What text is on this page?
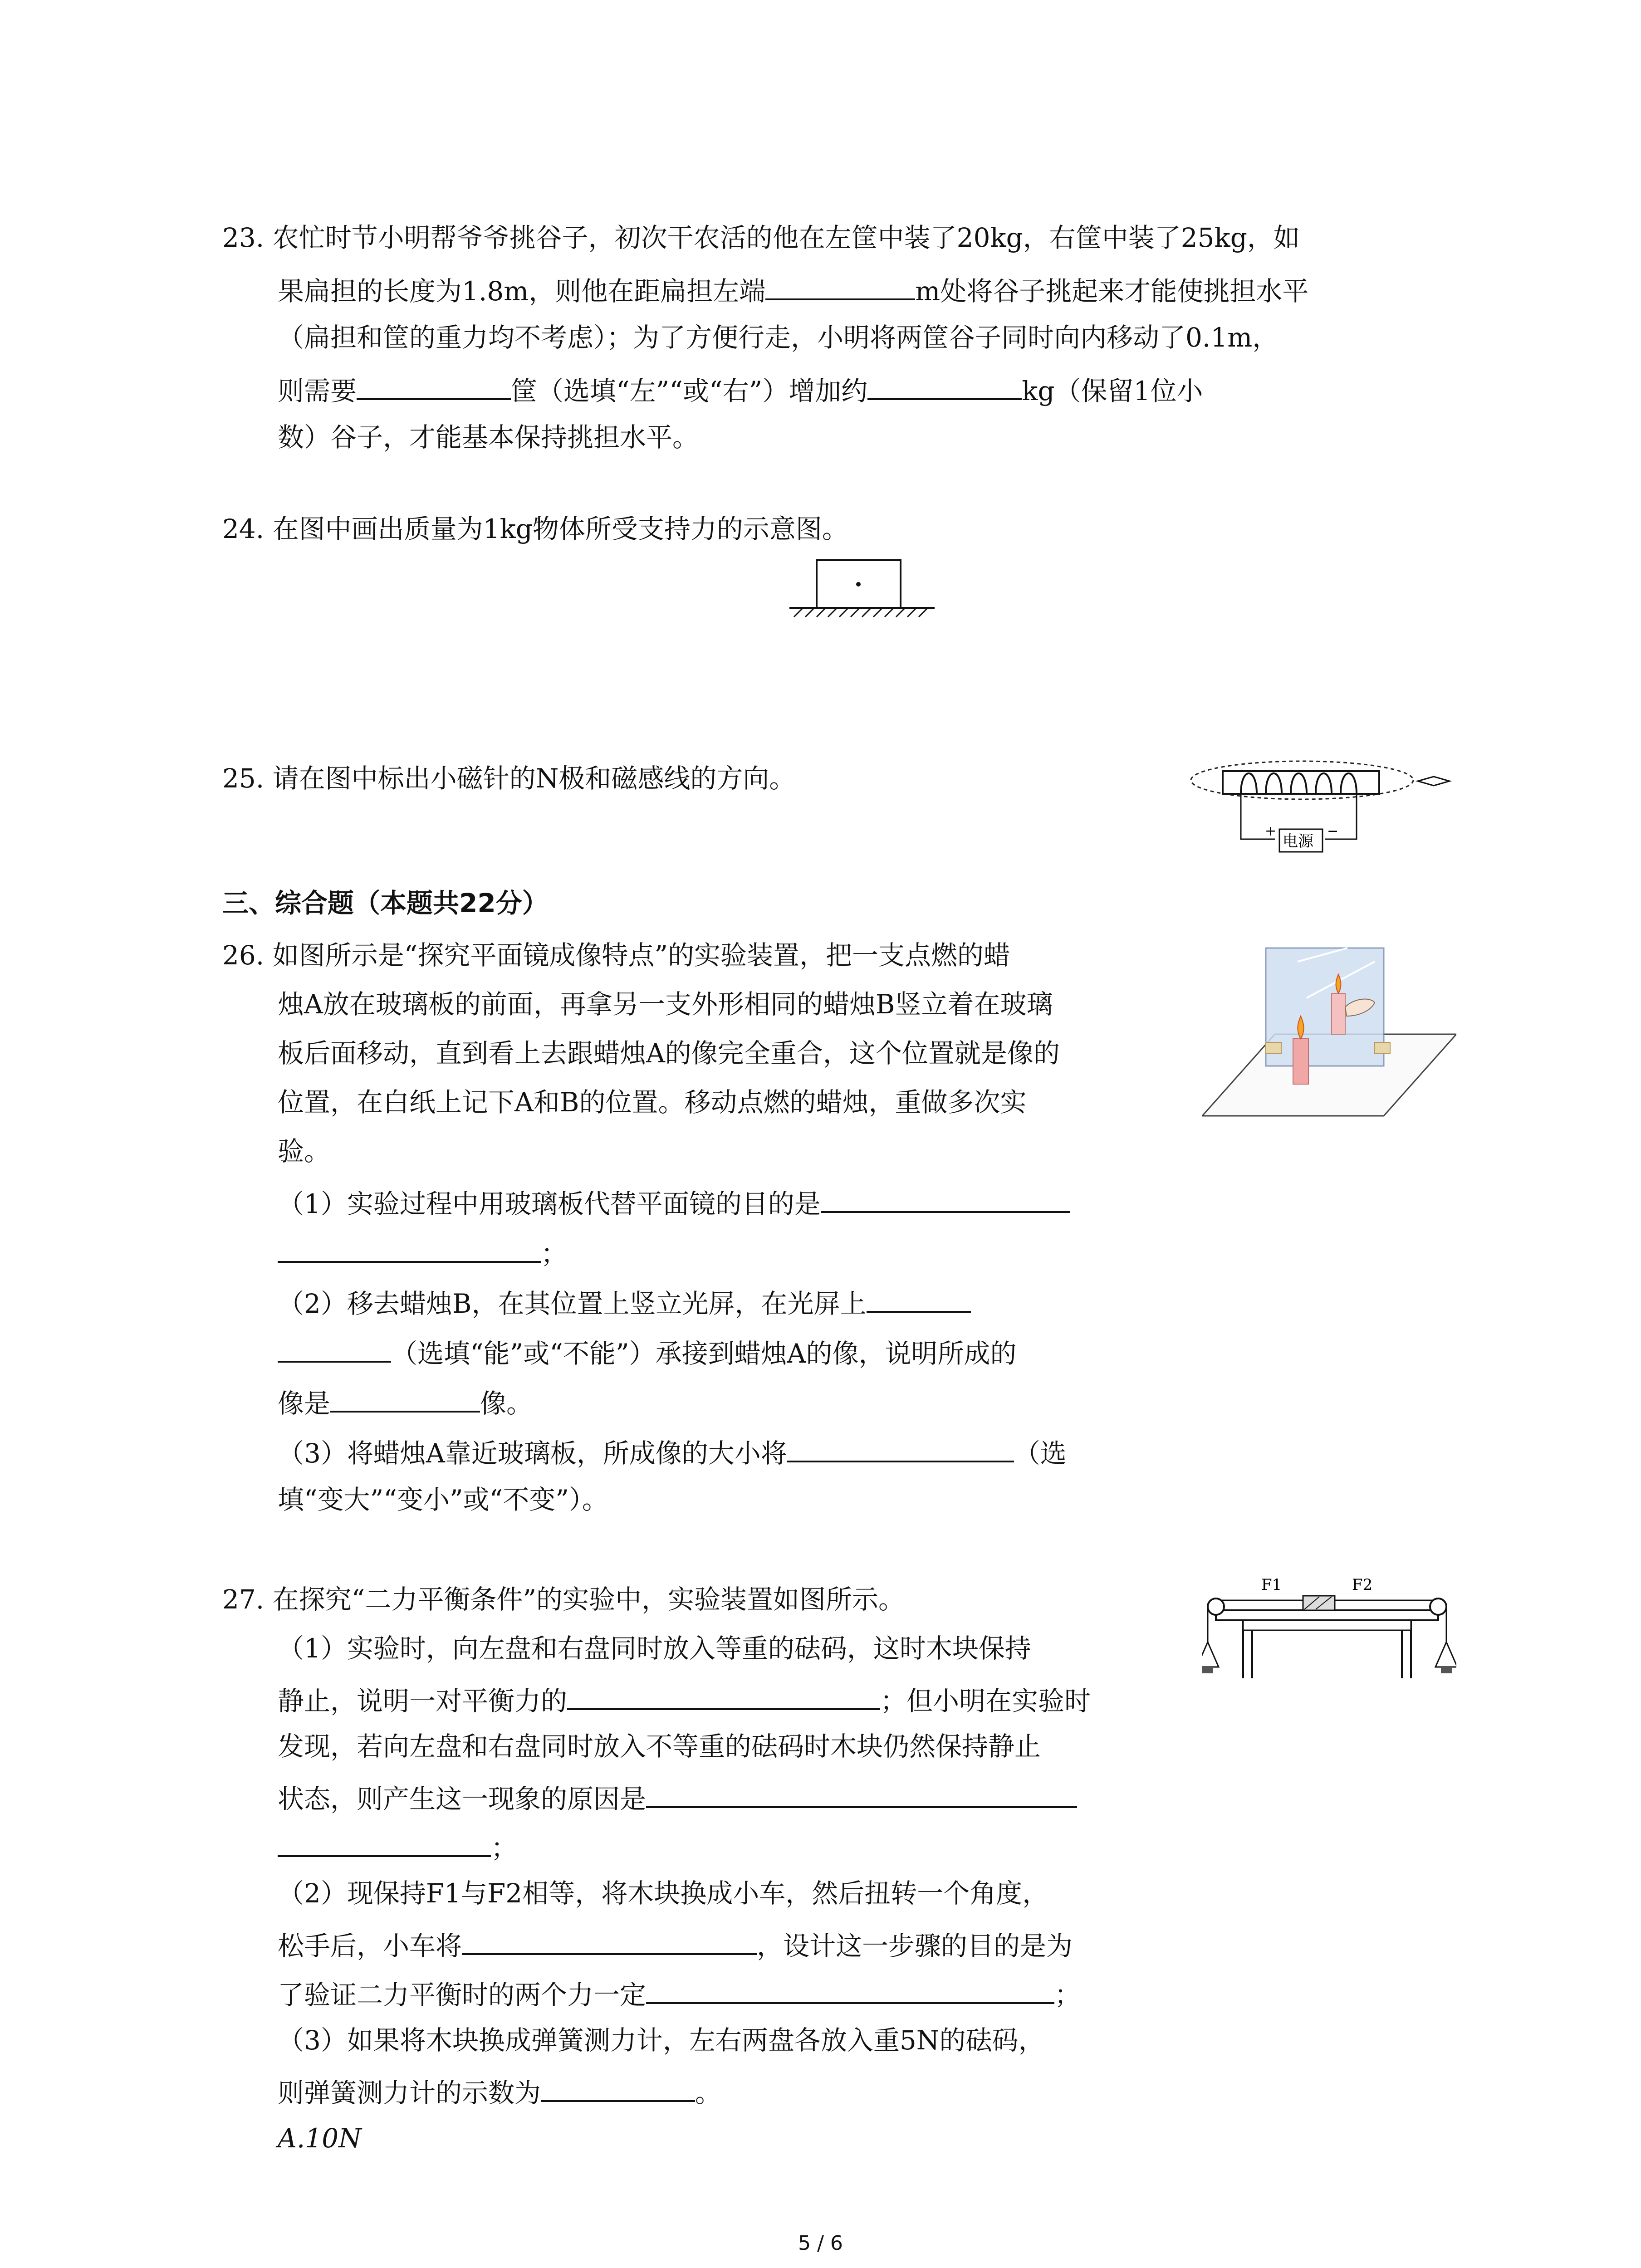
23. 农忙时节小明帮爷爷挑谷子，初次干农活的他在左筐中装了20kg，右筐中装了25kg，如
果扁担的长度为1.8m，则他在距扁担左端	m处将谷子挑起来才能使挑担水平
（扁担和筐的重力均不考虑）；为了方便行走，小明将两筐谷子同时向内移动了0.1m，
则需要	筐（选填“左”“或“右”）增加约	kg（保留1位小
数）谷子，才能基本保持挑担水平。
24. 在图中画出质量为1kg物体所受支持力的示意图。
25. 请在图中标出小磁针的N极和磁感线的方向。
+
电源
−
三、综合题（本题共22分）
26. 如图所示是“探究平面镜成像特点”的实验装置，把一支点燃的蜡
烛A放在玻璃板的前面，再拿另一支外形相同的蜡烛B竖立着在玻璃
板后面移动，直到看上去跟蜡烛A的像完全重合，这个位置就是像的
位置，在白纸上记下A和B的位置。移动点燃的蜡烛，重做多次实
验。
（1）实验过程中用玻璃板代替平面镜的目的是
；
（2）移去蜡烛B，在其位置上竖立光屏，在光屏上
（选填“能”或“不能”）承接到蜡烛A的像，说明所成的
像是	像。
（3）将蜡烛A靠近玻璃板，所成像的大小将	（选
填“变大”“变小”或“不变”）。
27. 在探究“二力平衡条件”的实验中，实验装置如图所示。
（1）实验时，向左盘和右盘同时放入等重的砝码，这时木块保持
静止，说明一对平衡力的	；但小明在实验时
发现，若向左盘和右盘同时放入不等重的砝码时木块仍然保持静止
状态，则产生这一现象的原因是
；
（2）现保持F1与F2相等，将木块换成小车，然后扭转一个角度，
松手后，小车将	，设计这一步骤的目的是为
了验证二力平衡时的两个力一定	；
（3）如果将木块换成弹簧测力计，左右两盘各放入重5N的砝码，
则弹簧测力计的示数为	。
A.10N
F1	F2
5 / 6
